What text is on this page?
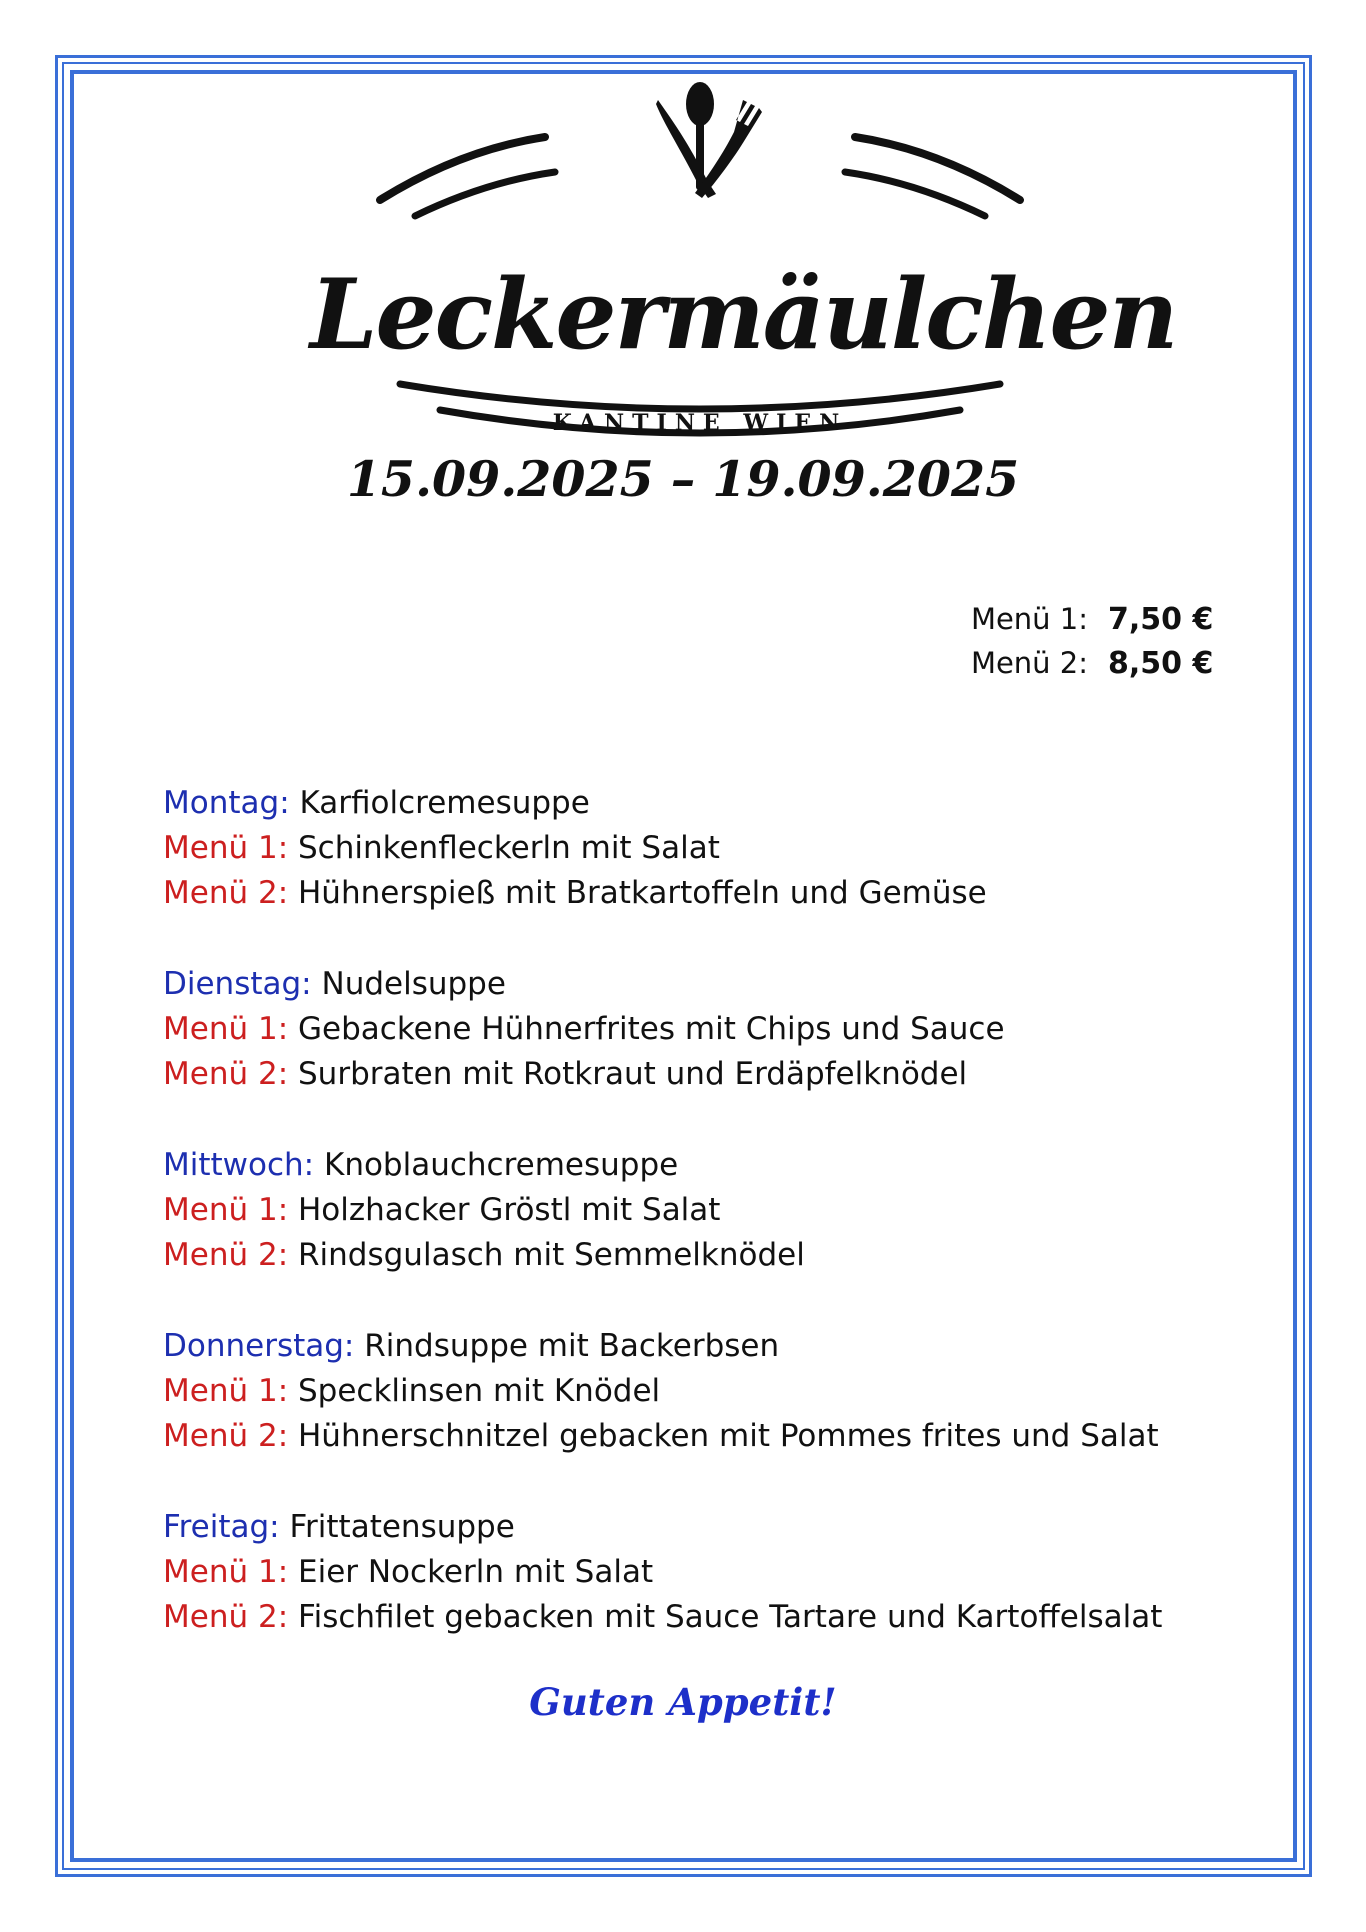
Leckermäulchen
KANTINE WIEN
15.09.2025 – 19.09.2025
Menü 1: 7,50 €
Menü 2: 8,50 €
Montag: Karfiolcremesuppe
Menü 1: Schinkenfleckerln mit Salat
Menü 2: Hühnerspieß mit Bratkartoffeln und Gemüse
Dienstag: Nudelsuppe
Menü 1: Gebackene Hühnerfrites mit Chips und Sauce
Menü 2: Surbraten mit Rotkraut und Erdäpfelknödel
Mittwoch: Knoblauchcremesuppe
Menü 1: Holzhacker Gröstl mit Salat
Menü 2: Rindsgulasch mit Semmelknödel
Donnerstag: Rindsuppe mit Backerbsen
Menü 1: Specklinsen mit Knödel
Menü 2: Hühnerschnitzel gebacken mit Pommes frites und Salat
Freitag: Frittatensuppe
Menü 1: Eier Nockerln mit Salat
Menü 2: Fischfilet gebacken mit Sauce Tartare und Kartoffelsalat
Guten Appetit!
